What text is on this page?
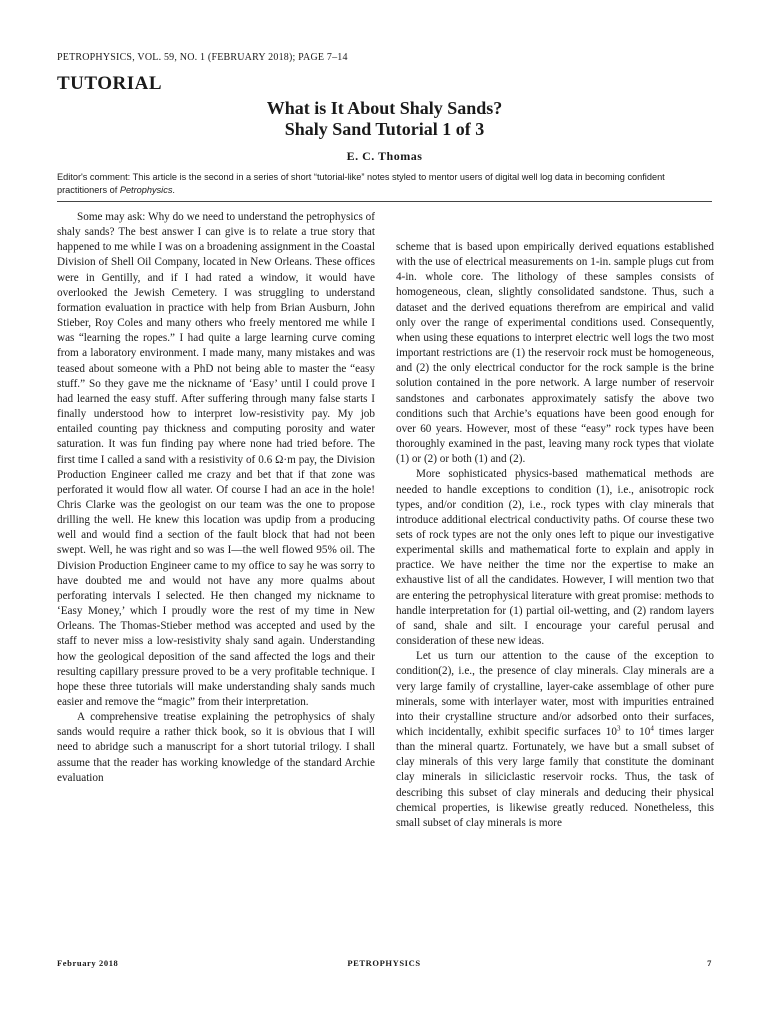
PETROPHYSICS, VOL. 59, NO. 1 (FEBRUARY 2018); PAGE 7–14
TUTORIAL
What is It About Shaly Sands?
Shaly Sand Tutorial 1 of 3
E. C. Thomas
Editor's comment: This article is the second in a series of short “tutorial-like” notes styled to mentor users of digital well log data in becoming confident practitioners of Petrophysics.

Some may ask: Why do we need to understand the petrophysics of shaly sands? The best answer I can give is to relate a true story that happened to me while I was on a broadening assignment in the Coastal Division of Shell Oil Company, located in New Orleans. These offices were in Gentilly, and if I had rated a window, it would have overlooked the Jewish Cemetery. I was struggling to understand formation evaluation in practice with help from Brian Ausburn, John Stieber, Roy Coles and many others who freely mentored me while I was “learning the ropes.” I had quite a large learning curve coming from a laboratory environment. I made many, many mistakes and was teased about someone with a PhD not being able to master the “easy stuff.” So they gave me the nickname of ‘Easy’ until I could prove I had learned the easy stuff. After suffering through many false starts I finally understood how to interpret low-resistivity pay. My job entailed counting pay thickness and computing porosity and water saturation. It was fun finding pay where none had tried before. The first time I called a sand with a resistivity of 0.6 Ω·m pay, the Division Production Engineer called me crazy and bet that if that zone was perforated it would flow all water. Of course I had an ace in the hole! Chris Clarke was the geologist on our team was the one to propose drilling the well. He knew this location was updip from a producing well and would find a section of the fault block that had not been swept. Well, he was right and so was I—the well flowed 95% oil. The Division Production Engineer came to my office to say he was sorry to have doubted me and would not have any more qualms about perforating intervals I selected. He then changed my nickname to ‘Easy Money,’ which I proudly wore the rest of my time in New Orleans. The Thomas-Stieber method was accepted and used by the staff to never miss a low-resistivity shaly sand again. Understanding how the geological deposition of the sand affected the logs and their resulting capillary pressure proved to be a very profitable technique. I hope these three tutorials will make understanding shaly sands much easier and remove the “magic” from their interpretation.

A comprehensive treatise explaining the petrophysics of shaly sands would require a rather thick book, so it is obvious that I will need to abridge such a manuscript for a short tutorial trilogy. I shall assume that the reader has working knowledge of the standard Archie evaluation

scheme that is based upon empirically derived equations established with the use of electrical measurements on 1-in. sample plugs cut from 4-in. whole core. The lithology of these samples consists of homogeneous, clean, slightly consolidated sandstone. Thus, such a dataset and the derived equations therefrom are empirical and valid only over the range of experimental conditions used. Consequently, when using these equations to interpret electric well logs the two most important restrictions are (1) the reservoir rock must be homogeneous, and (2) the only electrical conductor for the rock sample is the brine solution contained in the pore network. A large number of reservoir sandstones and carbonates approximately satisfy the above two conditions such that Archie’s equations have been good enough for over 60 years. However, most of these “easy” rock types have been thoroughly examined in the past, leaving many rock types that violate (1) or (2) or both (1) and (2).

More sophisticated physics-based mathematical methods are needed to handle exceptions to condition (1), i.e., anisotropic rock types, and/or condition (2), i.e., rock types with clay minerals that introduce additional electrical conductivity paths. Of course these two sets of rock types are not the only ones left to pique our investigative experimental skills and mathematical forte to explain and apply in practice. We have neither the time nor the expertise to make an exhaustive list of all the candidates. However, I will mention two that are entering the petrophysical literature with great promise: methods to handle interpretation for (1) partial oil-wetting, and (2) random layers of sand, shale and silt. I encourage your careful perusal and consideration of these new ideas.

Let us turn our attention to the cause of the exception to condition(2), i.e., the presence of clay minerals. Clay minerals are a very large family of crystalline, layer-cake assemblage of other pure minerals, some with interlayer water, most with impurities entrained into their crystalline structure and/or adsorbed onto their surfaces, which incidentally, exhibit specific surfaces $10^3$ to $10^4$ times larger than the mineral quartz. Fortunately, we have but a small subset of clay minerals of this very large family that constitute the dominant clay minerals in siliciclastic reservoir rocks. Thus, the task of describing this subset of clay minerals and deducing their physical chemical properties, is likewise greatly reduced. Nonetheless, this small subset of clay minerals is more

February 2018	PETROPHYSICS	7
